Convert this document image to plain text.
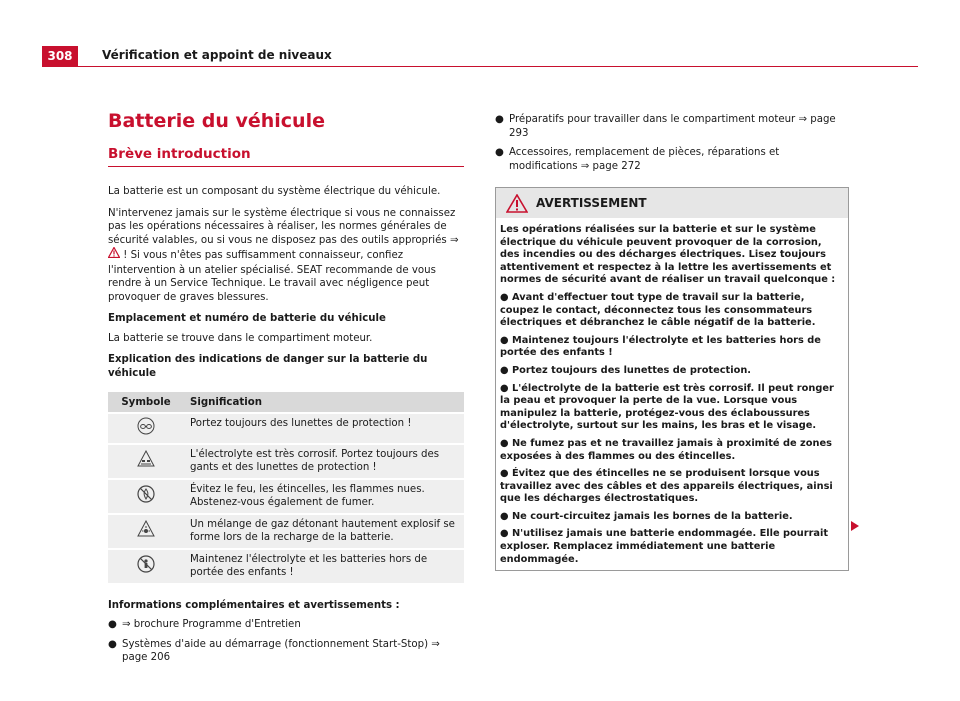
308	Vérification et appoint de niveaux
Batterie du véhicule
Brève introduction

La batterie est un composant du système électrique du véhicule.

N'intervenez jamais sur le système électrique si vous ne connaissez pas les opérations nécessaires à réaliser, les normes générales de sécurité valables, ou si vous ne disposez pas des outils appropriés ⇒  ! Si vous n'êtes pas suffisamment connaisseur, confiez l'intervention à un atelier spécialisé. SEAT recommande de vous rendre à un Service Technique. Le travail avec négligence peut provoquer de graves blessures.

Emplacement et numéro de batterie du véhicule

La batterie se trouve dans le compartiment moteur.

Explication des indications de danger sur la batterie du véhicule

Symbole	Signification
	Portez toujours des lunettes de protection !
	L'électrolyte est très corrosif. Portez toujours des gants et des lunettes de protection !
	Évitez le feu, les étincelles, les flammes nues. Abstenez-vous également de fumer.
	Un mélange de gaz détonant hautement explosif se forme lors de la recharge de la batterie.
	Maintenez l'électrolyte et les batteries hors de portée des enfants !

Informations complémentaires et avertissements :

● ⇒ brochure Programme d'Entretien
● Systèmes d'aide au démarrage (fonctionnement Start-Stop) ⇒ page 206
● Préparatifs pour travailler dans le compartiment moteur ⇒ page 293
● Accessoires, remplacement de pièces, réparations et modifications ⇒ page 272
AVERTISSEMENT

Les opérations réalisées sur la batterie et sur le système électrique du véhicule peuvent provoquer de la corrosion, des incendies ou des décharges électriques. Lisez toujours attentivement et respectez à la lettre les avertissements et normes de sécurité avant de réaliser un travail quelconque :

● Avant d'effectuer tout type de travail sur la batterie, coupez le contact, déconnectez tous les consommateurs électriques et débranchez le câble négatif de la batterie.

● Maintenez toujours l'électrolyte et les batteries hors de portée des enfants !

● Portez toujours des lunettes de protection.

● L'électrolyte de la batterie est très corrosif. Il peut ronger la peau et provoquer la perte de la vue. Lorsque vous manipulez la batterie, protégez-vous des éclaboussures d'électrolyte, surtout sur les mains, les bras et le visage.

● Ne fumez pas et ne travaillez jamais à proximité de zones exposées à des flammes ou des étincelles.

● Évitez que des étincelles ne se produisent lorsque vous travaillez avec des câbles et des appareils électriques, ainsi que les décharges électrostatiques.

● Ne court-circuitez jamais les bornes de la batterie.

● N'utilisez jamais une batterie endommagée. Elle pourrait exploser. Remplacez immédiatement une batterie endommagée.
